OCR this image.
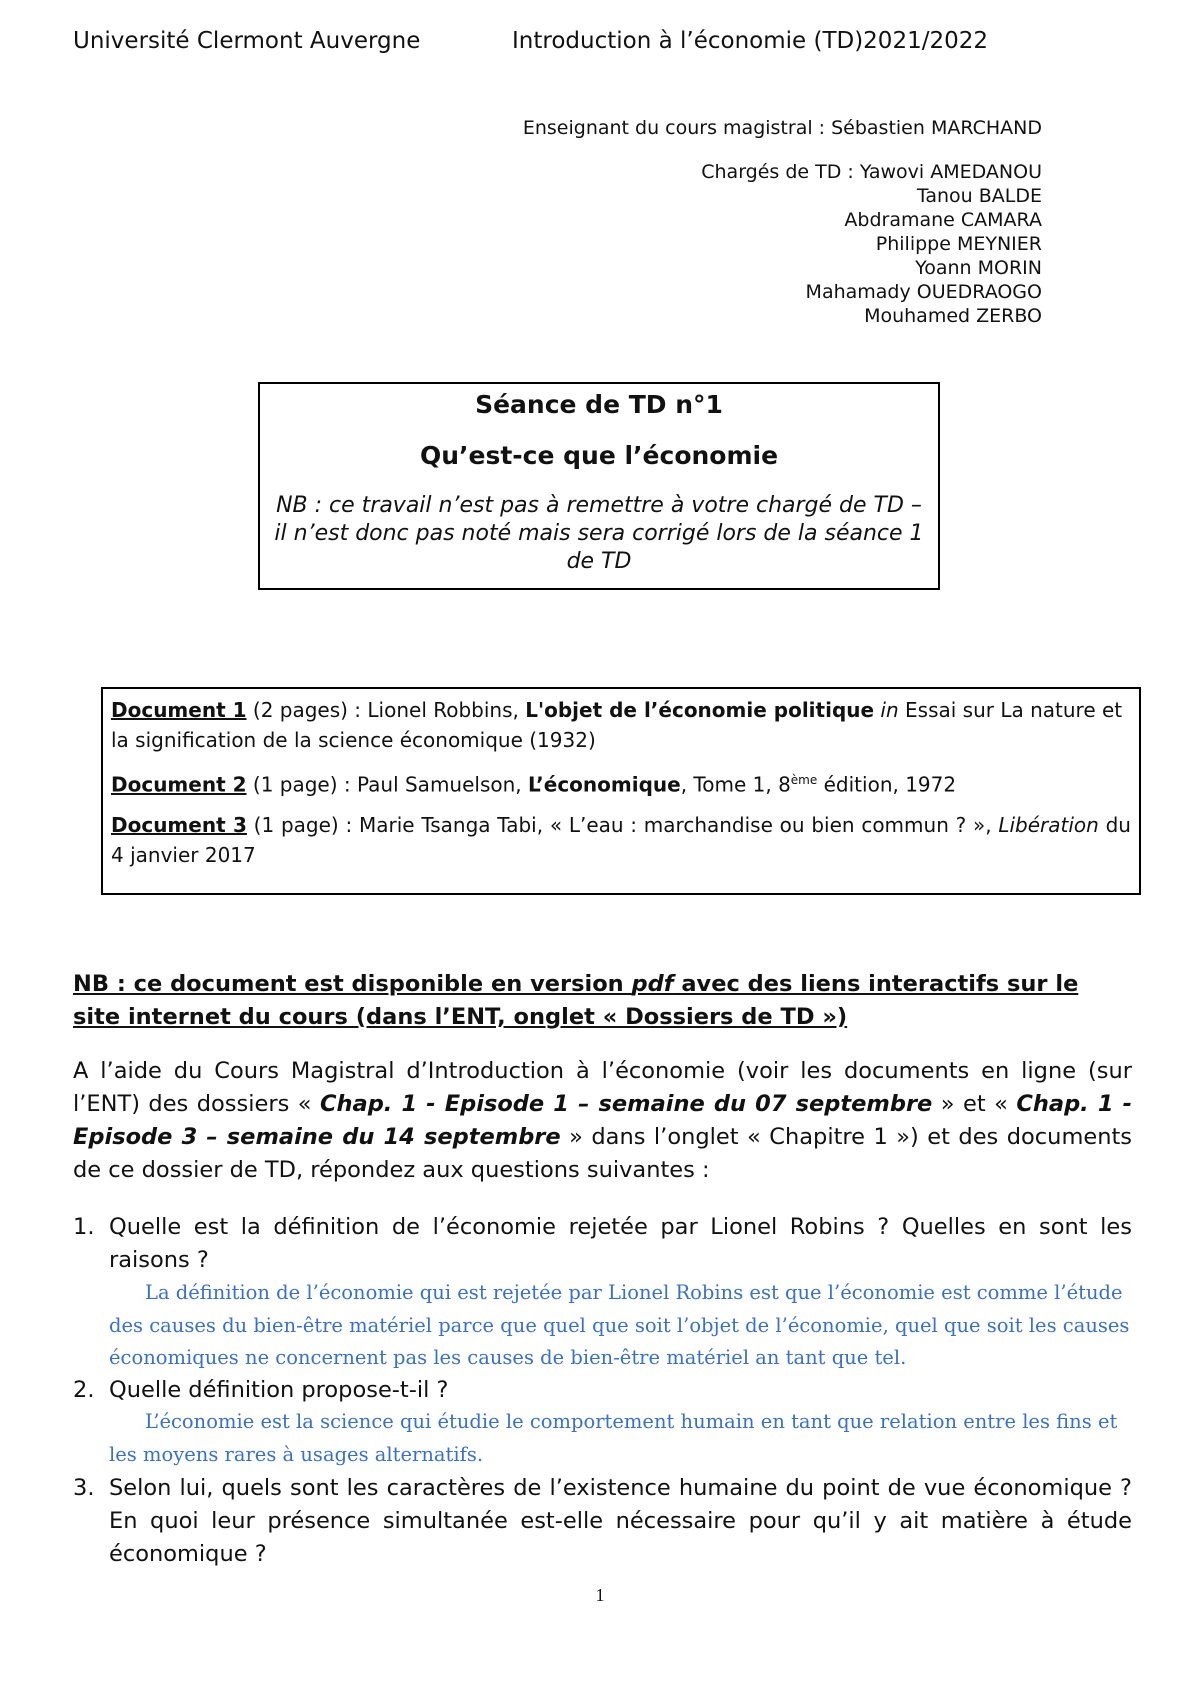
Université Clermont Auvergne	Introduction à l’économie (TD)2021/2022
Enseignant du cours magistral : Sébastien MARCHAND
Chargés de TD : Yawovi AMEDANOU
Tanou BALDE
Abdramane CAMARA
Philippe MEYNIER
Yoann MORIN
Mahamady OUEDRAOGO
Mouhamed ZERBO
Séance de TD n°1
Qu’est-ce que l’économie
NB : ce travail n’est pas à remettre à votre chargé de TD – il n’est donc pas noté mais sera corrigé lors de la séance 1 de TD

Document 1 (2 pages) : Lionel Robbins, L'objet de l’économie politique in Essai sur La nature et la signification de la science économique (1932)

Document 2 (1 page) : Paul Samuelson, L’économique, Tome 1, 8ème édition, 1972

Document 3 (1 page) : Marie Tsanga Tabi, « L’eau : marchandise ou bien commun ? », Libération du 4 janvier 2017

NB : ce document est disponible en version pdf avec des liens interactifs sur le site internet du cours (dans l’ENT, onglet « Dossiers de TD »)
A l’aide du Cours Magistral d’Introduction à l’économie (voir les documents en ligne (sur l’ENT) des dossiers « Chap. 1 - Episode 1 – semaine du 07 septembre » et « Chap. 1 - Episode 3 – semaine du 14 septembre » dans l’onglet « Chapitre 1 ») et des documents de ce dossier de TD, répondez aux questions suivantes :
1. Quelle est la définition de l’économie rejetée par Lionel Robins ? Quelles en sont les raisons ?
La définition de l’économie qui est rejetée par Lionel Robins est que l’économie est comme l’étude des causes du bien-être matériel parce que quel que soit l’objet de l’économie, quel que soit les causes économiques ne concernent pas les causes de bien-être matériel an tant que tel.
2. Quelle définition propose-t-il ?
L’économie est la science qui étudie le comportement humain en tant que relation entre les fins et les moyens rares à usages alternatifs.
3. Selon lui, quels sont les caractères de l’existence humaine du point de vue économique ? En quoi leur présence simultanée est-elle nécessaire pour qu’il y ait matière à étude économique ?
1
